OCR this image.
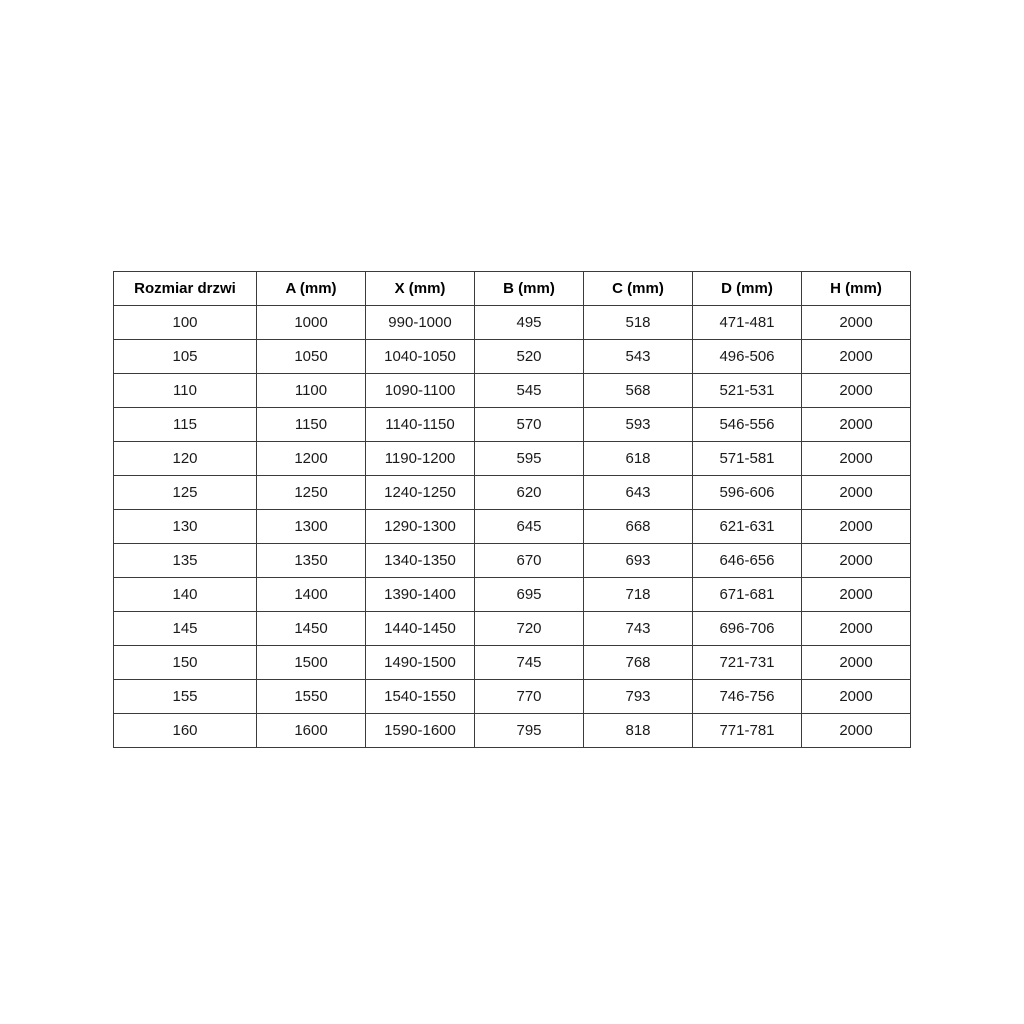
Rozmiar drzwi	A (mm)	X (mm)	B (mm)	C (mm)	D (mm)	H (mm)
100	1000	990-1000	495	518	471-481	2000
105	1050	1040-1050	520	543	496-506	2000
110	1100	1090-1100	545	568	521-531	2000
115	1150	1140-1150	570	593	546-556	2000
120	1200	1190-1200	595	618	571-581	2000
125	1250	1240-1250	620	643	596-606	2000
130	1300	1290-1300	645	668	621-631	2000
135	1350	1340-1350	670	693	646-656	2000
140	1400	1390-1400	695	718	671-681	2000
145	1450	1440-1450	720	743	696-706	2000
150	1500	1490-1500	745	768	721-731	2000
155	1550	1540-1550	770	793	746-756	2000
160	1600	1590-1600	795	818	771-781	2000
